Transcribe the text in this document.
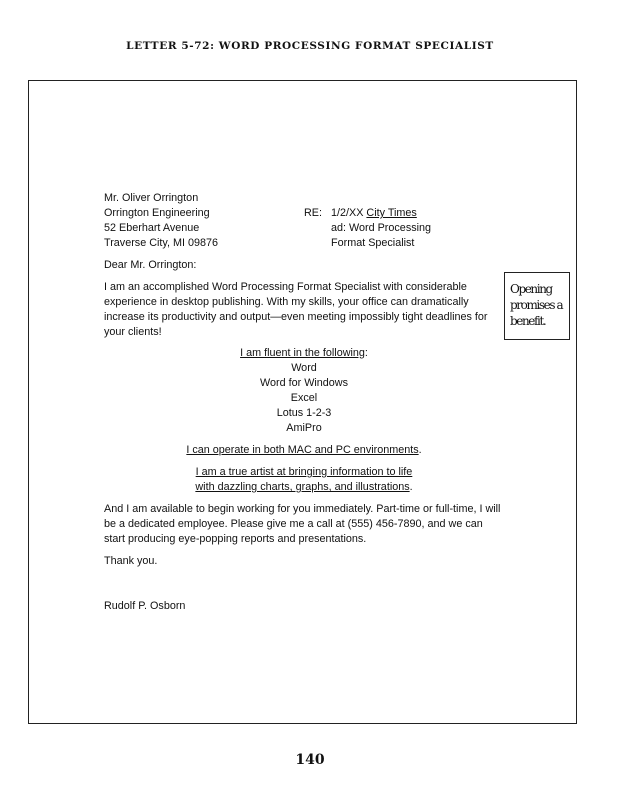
LETTER 5-72: WORD PROCESSING FORMAT SPECIALIST
Mr. Oliver Orrington
Orrington Engineering
52 Eberhart Avenue
Traverse City, MI 09876
RE: 1/2/XX City Times
ad: Word Processing
Format Specialist
Dear Mr. Orrington:
I am an accomplished Word Processing Format Specialist with considerable experience in desktop publishing. With my skills, your office can dramatically increase its productivity and output—even meeting impossibly tight deadlines for your clients!
I am fluent in the following:
Word
Word for Windows
Excel
Lotus 1-2-3
AmiPro
I can operate in both MAC and PC environments.
I am a true artist at bringing information to life
with dazzling charts, graphs, and illustrations.
And I am available to begin working for you immediately. Part-time or full-time, I will be a dedicated employee. Please give me a call at (555) 456-7890, and we can start producing eye-popping reports and presentations.
Thank you.
Rudolf P. Osborn
Opening
promises a
benefit.
140
